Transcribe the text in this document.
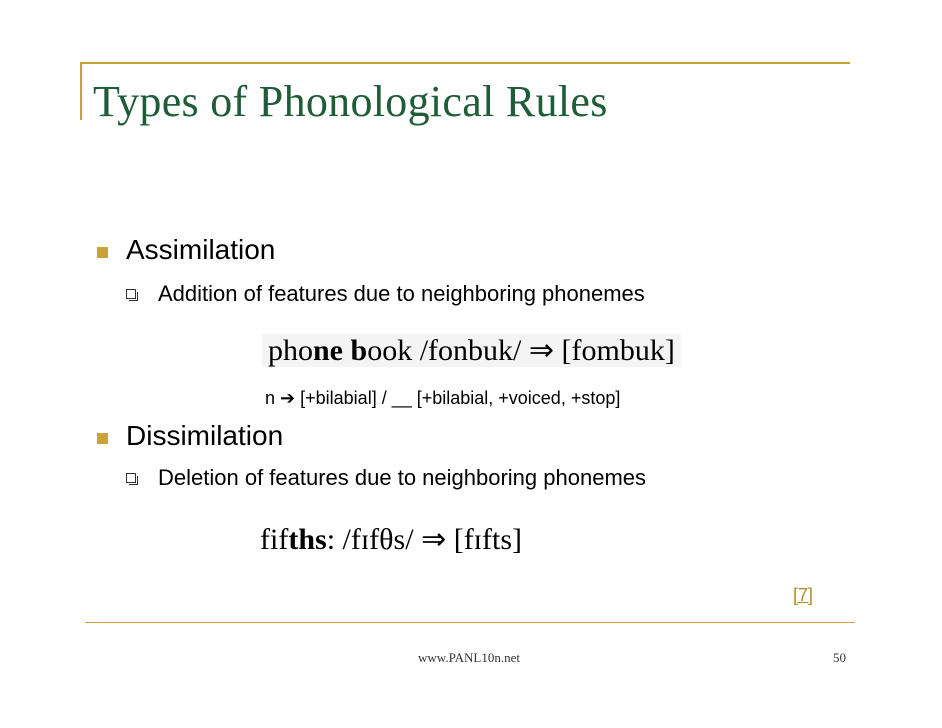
Types of Phonological Rules
Assimilation
Addition of features due to neighboring phonemes
phone book /fonbuk/ ⇒ [fombuk]
n ➔ [+bilabial] / __ [+bilabial, +voiced, +stop]
Dissimilation
Deletion of features due to neighboring phonemes
fifths: /fɪfθs/ ⇒ [fɪfts]
[7]
www.PANL10n.net	50
